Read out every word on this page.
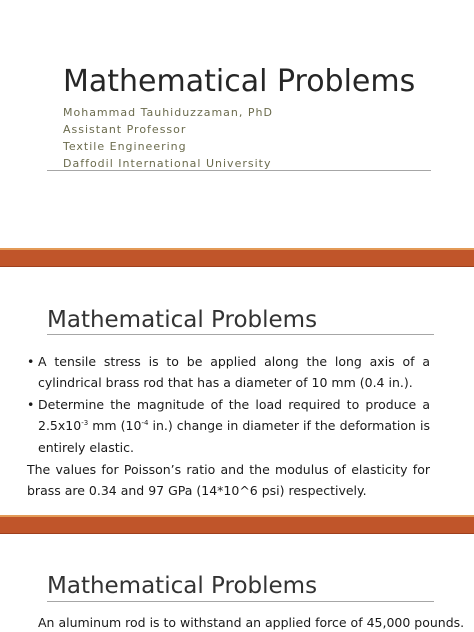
Mathematical Problems
Mohammad Tauhiduzzaman, PhD
Assistant Professor
Textile Engineering
Daffodil International University
Mathematical Problems
• A tensile stress is to be applied along the long axis of a
cylindrical brass rod that has a diameter of 10 mm (0.4 in.).
• Determine the magnitude of the load required to produce a
$2.5x10^{-3}$ mm ($10^{-4}$ in.) change in diameter if the deformation is
entirely elastic.
The values for Poisson’s ratio and the modulus of elasticity for
brass are 0.34 and 97 GPa (14*10^6 psi) respectively.
Mathematical Problems
An aluminum rod is to withstand an applied force of 45,000 pounds.
